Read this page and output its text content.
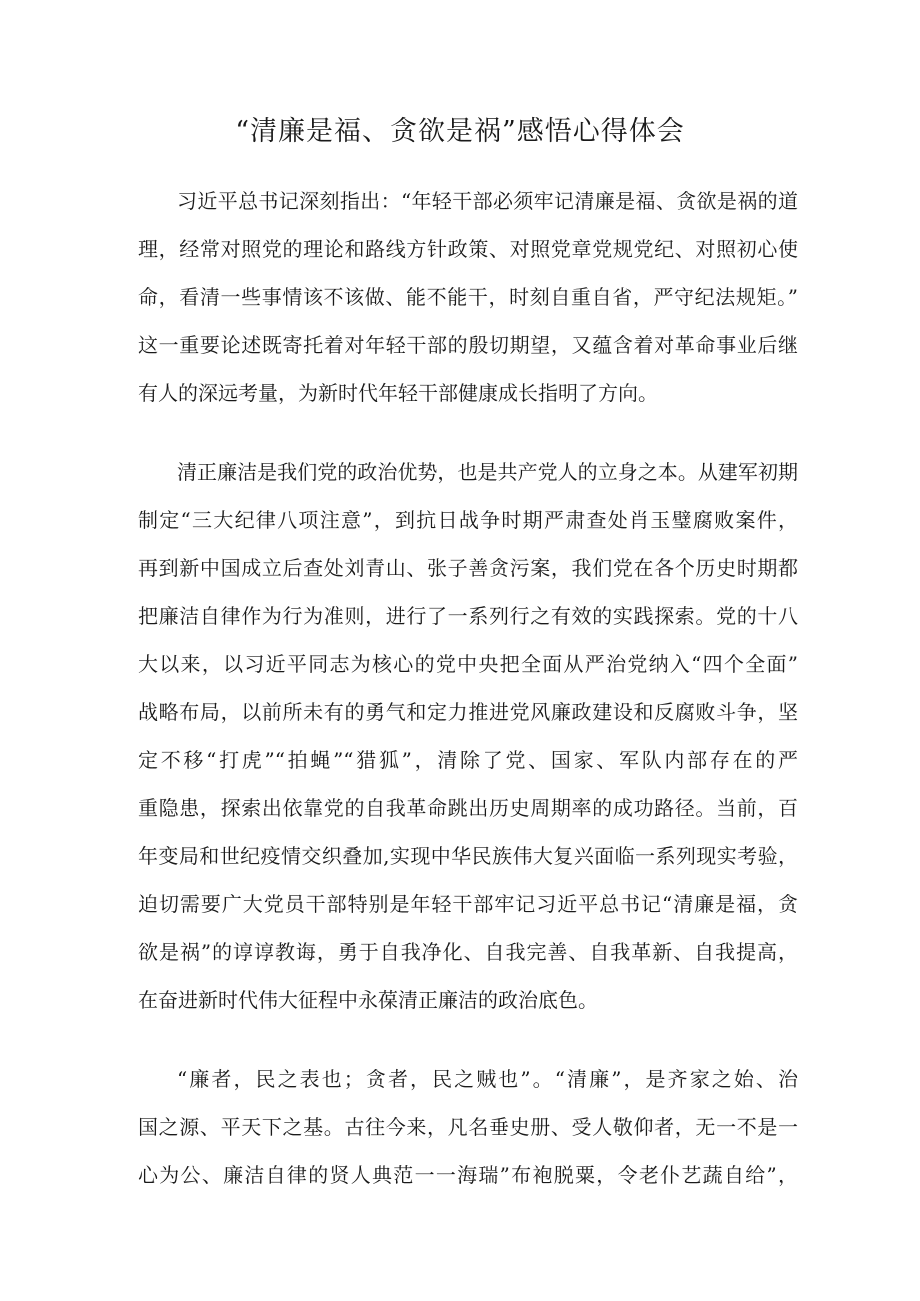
“清廉是福、贪欲是祸”感悟心得体会
习近平总书记深刻指出：“年轻干部必须牢记清廉是福、贪欲是祸的道
理，经常对照党的理论和路线方针政策、对照党章党规党纪、对照初心使
命，看清一些事情该不该做、能不能干，时刻自重自省，严守纪法规矩。”
这一重要论述既寄托着对年轻干部的殷切期望，又蕴含着对革命事业后继
有人的深远考量，为新时代年轻干部健康成长指明了方向。
清正廉洁是我们党的政治优势，也是共产党人的立身之本。从建军初期
制定“三大纪律八项注意”，到抗日战争时期严肃查处肖玉璧腐败案件，
再到新中国成立后查处刘青山、张子善贪污案，我们党在各个历史时期都
把廉洁自律作为行为准则，进行了一系列行之有效的实践探索。党的十八
大以来，以习近平同志为核心的党中央把全面从严治党纳入“四个全面”
战略布局，以前所未有的勇气和定力推进党风廉政建设和反腐败斗争，坚
定不移“打虎”“拍蝇”“猎狐”，清除了党、国家、军队内部存在的严
重隐患，探索出依靠党的自我革命跳出历史周期率的成功路径。当前，百
年变局和世纪疫情交织叠加,实现中华民族伟大复兴面临一系列现实考验，
迫切需要广大党员干部特别是年轻干部牢记习近平总书记“清廉是福，贪
欲是祸”的谆谆教诲，勇于自我净化、自我完善、自我革新、自我提高，
在奋进新时代伟大征程中永葆清正廉洁的政治底色。
“廉者，民之表也；贪者，民之贼也”。“清廉”，是齐家之始、治
国之源、平天下之基。古往今来，凡名垂史册、受人敬仰者，无一不是一
心为公、廉洁自律的贤人典范一一海瑞”布袍脱粟，令老仆艺蔬自给”，
